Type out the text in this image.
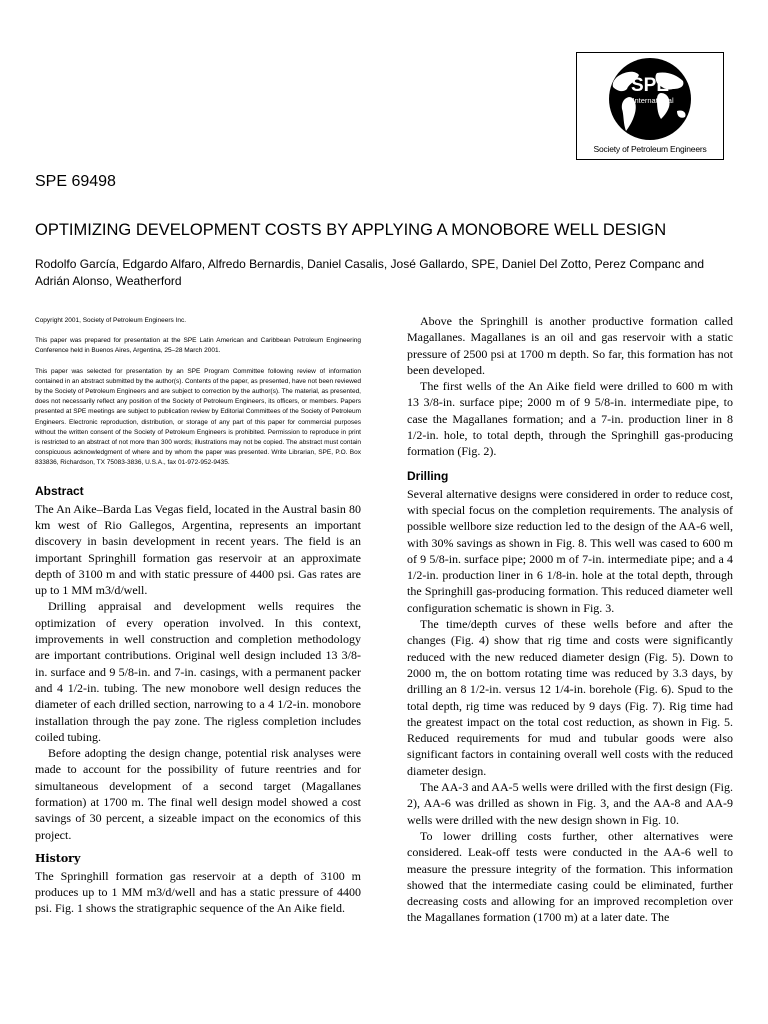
SPE
International
Society of Petroleum Engineers
SPE 69498
OPTIMIZING DEVELOPMENT COSTS BY APPLYING A MONOBORE WELL DESIGN
Rodolfo García, Edgardo Alfaro, Alfredo Bernardis, Daniel Casalis, José Gallardo, SPE, Daniel Del Zotto, Perez Companc and Adrián Alonso, Weatherford

Copyright 2001, Society of Petroleum Engineers Inc.

This paper was prepared for presentation at the SPE Latin American and Caribbean Petroleum Engineering Conference held in Buenos Aires, Argentina, 25–28 March 2001.

This paper was selected for presentation by an SPE Program Committee following review of information contained in an abstract submitted by the author(s). Contents of the paper, as presented, have not been reviewed by the Society of Petroleum Engineers and are subject to correction by the author(s). The material, as presented, does not necessarily reflect any position of the Society of Petroleum Engineers, its officers, or members. Papers presented at SPE meetings are subject to publication review by Editorial Committees of the Society of Petroleum Engineers. Electronic reproduction, distribution, or storage of any part of this paper for commercial purposes without the written consent of the Society of Petroleum Engineers is prohibited. Permission to reproduce in print is restricted to an abstract of not more than 300 words; illustrations may not be copied. The abstract must contain conspicuous acknowledgment of where and by whom the paper was presented. Write Librarian, SPE, P.O. Box 833836, Richardson, TX 75083-3836, U.S.A., fax 01-972-952-9435.

Abstract

The An Aike–Barda Las Vegas field, located in the Austral basin 80 km west of Rio Gallegos, Argentina, represents an important discovery in basin development in recent years. The field is an important Springhill formation gas reservoir at an approximate depth of 3100 m and with static pressure of 4400 psi. Gas rates are up to 1 MM m3/d/well.

Drilling appraisal and development wells requires the optimization of every operation involved. In this context, improvements in well construction and completion methodology are important contributions. Original well design included 13 3/8-in. surface and 9 5/8-in. and 7-in. casings, with a permanent packer and 4 1/2-in. tubing. The new monobore well design reduces the diameter of each drilled section, narrowing to a 4 1/2-in. monobore installation through the pay zone. The rigless completion includes coiled tubing.

Before adopting the design change, potential risk analyses were made to account for the possibility of future reentries and for simultaneous development of a second target (Magallanes formation) at 1700 m. The final well design model showed a cost savings of 30 percent, a sizeable impact on the economics of this project.

History

The Springhill formation gas reservoir at a depth of 3100 m produces up to 1 MM m3/d/well and has a static pressure of 4400 psi. Fig. 1 shows the stratigraphic sequence of the An Aike field.

Above the Springhill is another productive formation called Magallanes. Magallanes is an oil and gas reservoir with a static pressure of 2500 psi at 1700 m depth. So far, this formation has not been developed.

The first wells of the An Aike field were drilled to 600 m with 13 3/8-in. surface pipe; 2000 m of 9 5/8-in. intermediate pipe, to case the Magallanes formation; and a 7-in. production liner in 8 1/2-in. hole, to total depth, through the Springhill gas-producing formation (Fig. 2).

Drilling

Several alternative designs were considered in order to reduce cost, with special focus on the completion requirements. The analysis of possible wellbore size reduction led to the design of the AA-6 well, with 30% savings as shown in Fig. 8. This well was cased to 600 m of 9 5/8-in. surface pipe; 2000 m of 7-in. intermediate pipe; and a 4 1/2-in. production liner in 6 1/8-in. hole at the total depth, through the Springhill gas-producing formation. This reduced diameter well configuration schematic is shown in Fig. 3.

The time/depth curves of these wells before and after the changes (Fig. 4) show that rig time and costs were significantly reduced with the new reduced diameter design (Fig. 5). Down to 2000 m, the on bottom rotating time was reduced by 3.3 days, by drilling an 8 1/2-in. versus 12 1/4-in. borehole (Fig. 6). Spud to the total depth, rig time was reduced by 9 days (Fig. 7). Rig time had the greatest impact on the total cost reduction, as shown in Fig. 5. Reduced requirements for mud and tubular goods were also significant factors in containing overall well costs with the reduced diameter design.

The AA-3 and AA-5 wells were drilled with the first design (Fig. 2), AA-6 was drilled as shown in Fig. 3, and the AA-8 and AA-9 wells were drilled with the new design shown in Fig. 10.

To lower drilling costs further, other alternatives were considered. Leak-off tests were conducted in the AA-6 well to measure the pressure integrity of the formation. This information showed that the intermediate casing could be eliminated, further decreasing costs and allowing for an improved recompletion over the Magallanes formation (1700 m) at a later date. The
